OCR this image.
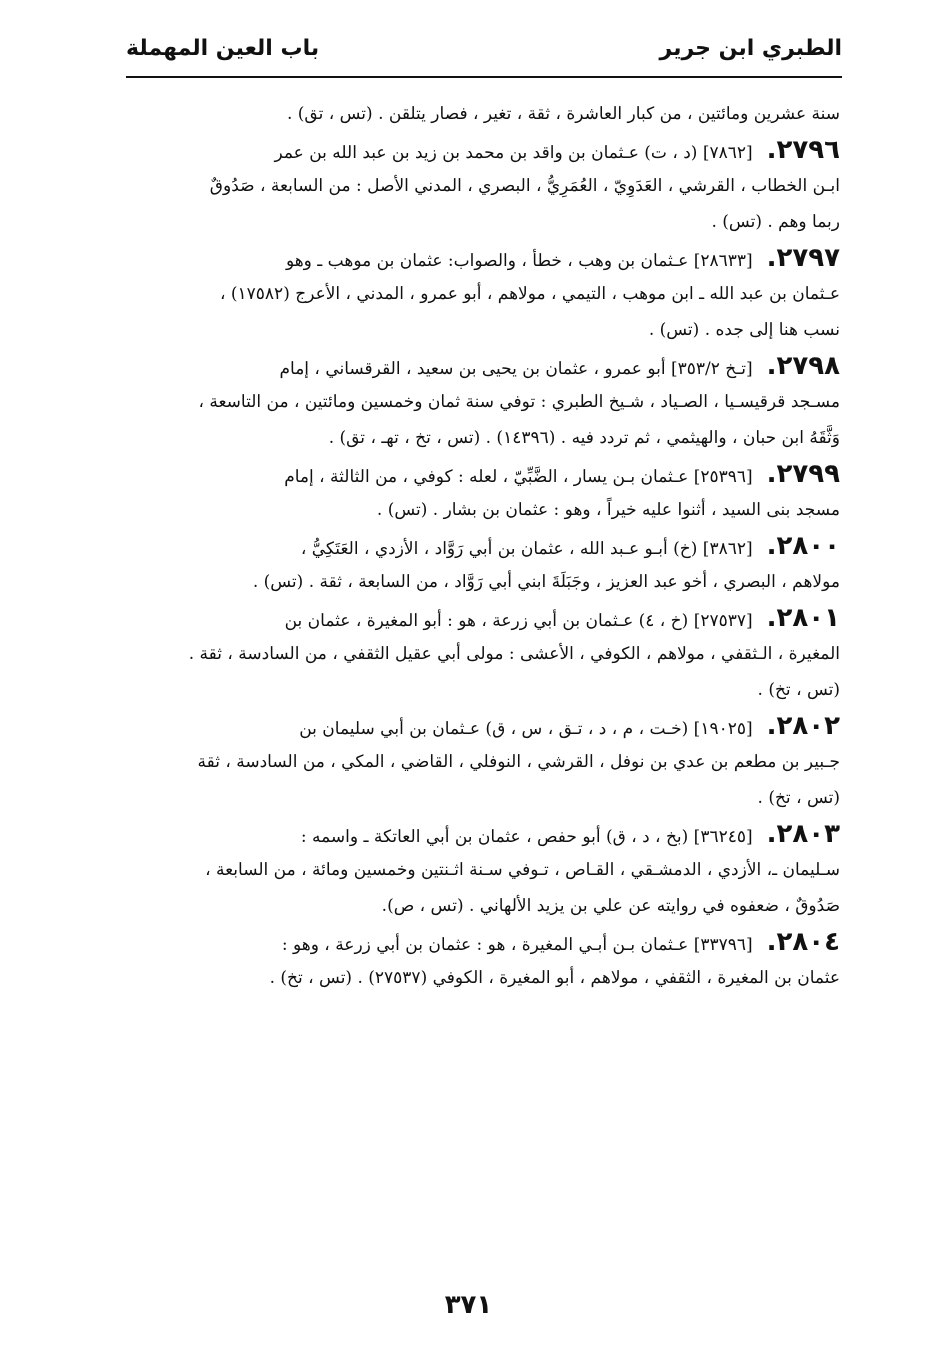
الطبري ابن جرير
باب العين المهملة
سنة عشرين ومائتين ، من كبار العاشرة ، ثقة ، تغير ، فصار يتلقن . (تس ، تق) .
٢٧٩٦.[٧٨٦٢] (د ، ت) عـثمان بن واقد بن محمد بن زيد بن عبد الله بن عمر
ابـن الخطاب ، القرشي ، العَدَوِيّ ، العُمَرِيُّ ، البصري ، المدني الأصل : من السابعة ، صَدُوقٌ
ربما وهم . (تس) .
٢٧٩٧.[٢٨٦٣٣] عـثمان بن وهب ، خطأ ، والصواب: عثمان بن موهب ـ وهو
عـثمان بن عبد الله ـ ابن موهب ، التيمي ، مولاهم ، أبو عمرو ، المدني ، الأعرج (١٧٥٨٢) ،
نسب هنا إلى جده . (تس) .
٢٧٩٨.[تـخ ٣٥٣/٢] أبو عمرو ، عثمان بن يحيى بن سعيد ، القرقساني ، إمام
مسـجد قرقيسـيا ، الصـياد ، شـيخ الطبري : توفي سنة ثمان وخمسين ومائتين ، من التاسعة ،
وَثَّقَهُ ابن حبان ، والهيثمي ، ثم تردد فيه . (١٤٣٩٦) . (تس ، تخ ، تهـ ، تق) .
٢٧٩٩.[٢٥٣٩٦] عـثمان بـن يسار ، الضَّبِّيّ ، لعله : كوفي ، من الثالثة ، إمام
مسجد بنى السيد ، أثنوا عليه خيراً ، وهو : عثمان بن بشار . (تس) .
٢٨٠٠.[٣٨٦٢] (خ) أبـو عـبد الله ، عثمان بن أبي رَوَّاد ، الأزدي ، العَتَكِيُّ ،
مولاهم ، البصري ، أخو عبد العزيز ، وجَبَلَةَ ابني أبي رَوَّاد ، من السابعة ، ثقة . (تس) .
٢٨٠١.[٢٧٥٣٧] (خ ، ٤) عـثمان بن أبي زرعة ، هو : أبو المغيرة ، عثمان بن
المغيرة ، الـثقفي ، مولاهم ، الكوفي ، الأعشى : مولى أبي عقيل الثقفي ، من السادسة ، ثقة .
(تس ، تخ) .
٢٨٠٢.[١٩٠٢٥] (خـت ، م ، د ، تـق ، س ، ق) عـثمان بن أبي سليمان بن
جـبير بن مطعم بن عدي بن نوفل ، القرشي ، النوفلي ، القاضي ، المكي ، من السادسة ، ثقة
(تس ، تخ) .
٢٨٠٣.[٣٦٢٤٥] (بخ ، د ، ق) أبو حفص ، عثمان بن أبي العاتكة ـ واسمه :
سـليمان ـ، الأزدي ، الدمشـقي ، القـاص ، تـوفي سـنة اثـنتين وخمسين ومائة ، من السابعة ،
صَدُوقٌ ، ضعفوه في روايته عن علي بن يزيد الألهاني . (تس ، ص).
٢٨٠٤.[٣٣٧٩٦] عـثمان بـن أبـي المغيرة ، هو : عثمان بن أبي زرعة ، وهو :
عثمان بن المغيرة ، الثقفي ، مولاهم ، أبو المغيرة ، الكوفي (٢٧٥٣٧) . (تس ، تخ) .
٣٧١
